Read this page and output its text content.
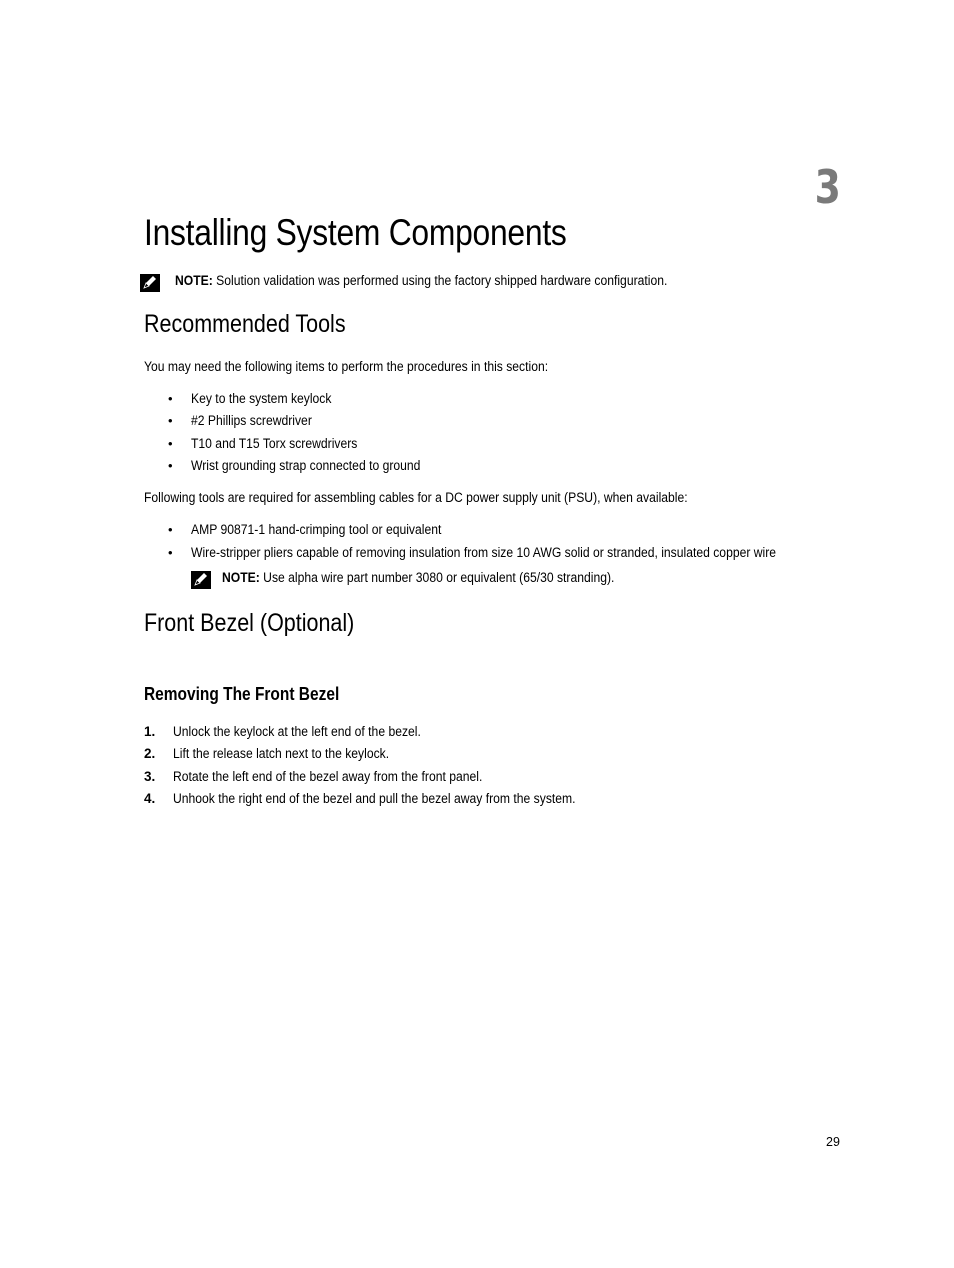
3
Installing System Components
NOTE: Solution validation was performed using the factory shipped hardware configuration.
Recommended Tools
You may need the following items to perform the procedures in this section:
• Key to the system keylock
• #2 Phillips screwdriver
• T10 and T15 Torx screwdrivers
• Wrist grounding strap connected to ground
Following tools are required for assembling cables for a DC power supply unit (PSU), when available:
• AMP 90871-1 hand-crimping tool or equivalent
• Wire-stripper pliers capable of removing insulation from size 10 AWG solid or stranded, insulated copper wire
NOTE: Use alpha wire part number 3080 or equivalent (65/30 stranding).
Front Bezel (Optional)
Removing The Front Bezel
1. Unlock the keylock at the left end of the bezel.
2. Lift the release latch next to the keylock.
3. Rotate the left end of the bezel away from the front panel.
4. Unhook the right end of the bezel and pull the bezel away from the system.
29
